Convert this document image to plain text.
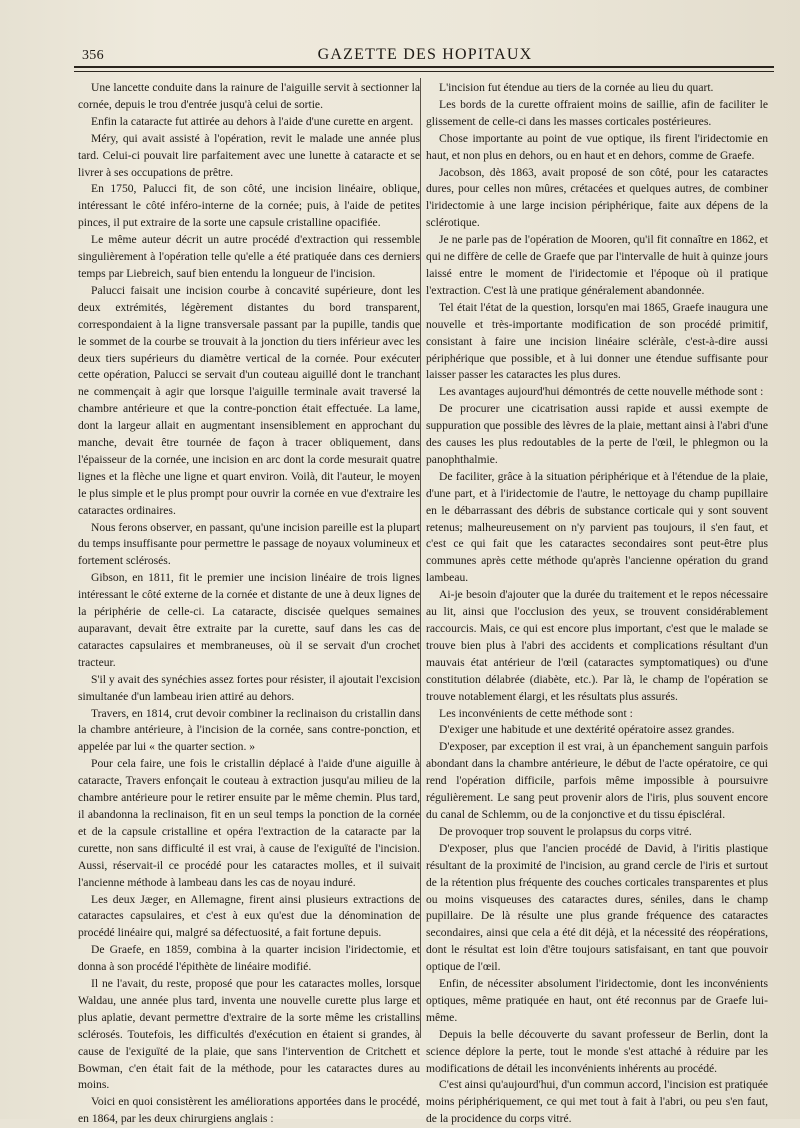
356	GAZETTE DES HOPITAUX

Une lancette conduite dans la rainure de l'aiguille servit à sectionner la cornée, depuis le trou d'entrée jusqu'à celui de sortie.

Enfin la cataracte fut attirée au dehors à l'aide d'une curette en argent.

Méry, qui avait assisté à l'opération, revit le malade une année plus tard. Celui-ci pouvait lire parfaitement avec une lunette à cataracte et se livrer à ses occupations de prêtre.

En 1750, Palucci fit, de son côté, une incision linéaire, oblique, intéressant le côté inféro-interne de la cornée; puis, à l'aide de petites pinces, il put extraire de la sorte une capsule cristalline opacifiée.

Le même auteur décrit un autre procédé d'extraction qui ressemble singulièrement à l'opération telle qu'elle a été pratiquée dans ces derniers temps par Liebreich, sauf bien entendu la longueur de l'incision.

Palucci faisait une incision courbe à concavité supérieure, dont les deux extrémités, légèrement distantes du bord transparent, correspondaient à la ligne transversale passant par la pupille, tandis que le sommet de la courbe se trouvait à la jonction du tiers inférieur avec les deux tiers supérieurs du diamètre vertical de la cornée. Pour exécuter cette opération, Palucci se servait d'un couteau aiguillé dont le tranchant ne commençait à agir que lorsque l'aiguille terminale avait traversé la chambre antérieure et que la contre-ponction était effectuée. La lame, dont la largeur allait en augmentant insensiblement en approchant du manche, devait être tournée de façon à tracer obliquement, dans l'épaisseur de la cornée, une incision en arc dont la corde mesurait quatre lignes et la flèche une ligne et quart environ. Voilà, dit l'auteur, le moyen le plus simple et le plus prompt pour ouvrir la cornée en vue d'extraire les cataractes ordinaires.

Nous ferons observer, en passant, qu'une incision pareille est la plupart du temps insuffisante pour permettre le passage de noyaux volumineux et fortement sclérosés.

Gibson, en 1811, fit le premier une incision linéaire de trois lignes intéressant le côté externe de la cornée et distante de une à deux lignes de la périphérie de celle-ci. La cataracte, disciséе quelques semaines auparavant, devait être extraite par la curette, sauf dans les cas de cataractes capsulaires et membraneuses, où il se servait d'un crochet tracteur.

S'il y avait des synéchies assez fortes pour résister, il ajoutait l'excision simultanée d'un lambeau irien attiré au dehors.

Travers, en 1814, crut devoir combiner la reclinaison du cristallin dans la chambre antérieure, à l'incision de la cornée, sans contre-ponction, et appelée par lui « the quarter section. »

Pour cela faire, une fois le cristallin déplacé à l'aide d'une aiguille à cataracte, Travers enfonçait le couteau à extraction jusqu'au milieu de la chambre antérieure pour le retirer ensuite par le même chemin. Plus tard, il abandonna la reclinaison, fit en un seul temps la ponction de la cornée et de la capsule cristalline et opéra l'extraction de la cataracte par la curette, non sans difficulté il est vrai, à cause de l'exiguïté de l'incision. Aussi, réservait-il ce procédé pour les cataractes molles, et il suivait l'ancienne méthode à lambeau dans les cas de noyau induré.

Les deux Jæger, en Allemagne, firent ainsi plusieurs extractions de cataractes capsulaires, et c'est à eux qu'est due la dénomination de procédé linéaire qui, malgré sa défectuosité, a fait fortune depuis.

De Graefe, en 1859, combina à la quarter incision l'iridectomie, et donna à son procédé l'épithète de linéaire modifié.

Il ne l'avait, du reste, proposé que pour les cataractes molles, lorsque Waldau, une année plus tard, inventa une nouvelle curette plus large et plus aplatie, devant permettre d'extraire de la sorte même les cristallins sclérosés. Toutefois, les difficultés d'exécution en étaient si grandes, à cause de l'exiguïté de la plaie, que sans l'intervention de Critchett et Bowman, c'en était fait de la méthode, pour les cataractes dures au moins.

Voici en quoi consistèrent les améliorations apportées dans le procédé, en 1864, par les deux chirurgiens anglais :

L'incision fut étendue au tiers de la cornée au lieu du quart.

Les bords de la curette offraient moins de saillie, afin de faciliter le glissement de celle-ci dans les masses corticales postérieures.

Chose importante au point de vue optique, ils firent l'iridectomie en haut, et non plus en dehors, ou en haut et en dehors, comme de Graefe.

Jacobson, dès 1863, avait proposé de son côté, pour les cataractes dures, pour celles non mûres, crétacées et quelques autres, de combiner l'iridectomie à une large incision périphérique, faite aux dépens de la sclérotique.

Je ne parle pas de l'opération de Mooren, qu'il fit connaître en 1862, et qui ne diffère de celle de Graefe que par l'intervalle de huit à quinze jours laissé entre le moment de l'iridectomie et l'époque où il pratique l'extraction. C'est là une pratique généralement abandonnée.

Tel était l'état de la question, lorsqu'en mai 1865, Graefe inaugura une nouvelle et très-importante modification de son procédé primitif, consistant à faire une incision linéaire scléràle, c'est-à-dire aussi périphérique que possible, et à lui donner une étendue suffisante pour laisser passer les cataractes les plus dures.

Les avantages aujourd'hui démontrés de cette nouvelle méthode sont :

De procurer une cicatrisation aussi rapide et aussi exempte de suppuration que possible des lèvres de la plaie, mettant ainsi à l'abri d'une des causes les plus redoutables de la perte de l'œil, le phlegmon ou la panophthalmie.

De faciliter, grâce à la situation périphérique et à l'étendue de la plaie, d'une part, et à l'iridectomie de l'autre, le nettoyage du champ pupillaire en le débarrassant des débris de substance corticale qui y sont souvent retenus; malheureusement on n'y parvient pas toujours, il s'en faut, et c'est ce qui fait que les cataractes secondaires sont peut-être plus communes après cette méthode qu'après l'ancienne opération du grand lambeau.

Ai-je besoin d'ajouter que la durée du traitement et le repos nécessaire au lit, ainsi que l'occlusion des yeux, se trouvent considérablement raccourcis. Mais, ce qui est encore plus important, c'est que le malade se trouve bien plus à l'abri des accidents et complications résultant d'un mauvais état antérieur de l'œil (cataractes symptomatiques) ou d'une constitution délabrée (diabète, etc.). Par là, le champ de l'opération se trouve notablement élargi, et les résultats plus assurés.

Les inconvénients de cette méthode sont :

D'exiger une habitude et une dextérité opératoire assez grandes.

D'exposer, par exception il est vrai, à un épanchement sanguin parfois abondant dans la chambre antérieure, le début de l'acte opératoire, ce qui rend l'opération difficile, parfois même impossible à poursuivre régulièrement. Le sang peut provenir alors de l'iris, plus souvent encore du canal de Schlemm, ou de la conjonctive et du tissu épiscléral.

De provoquer trop souvent le prolapsus du corps vitré.

D'exposer, plus que l'ancien procédé de David, à l'iritis plastique résultant de la proximité de l'incision, au grand cercle de l'iris et surtout de la rétention plus fréquente des couches corticales transparentes et plus ou moins visqueuses des cataractes dures, séniles, dans le champ pupillaire. De là résulte une plus grande fréquence des cataractes secondaires, ainsi que cela a été dit déjà, et la nécessité des réopérations, dont le résultat est loin d'être toujours satisfaisant, en tant que pouvoir optique de l'œil.

Enfin, de nécessiter absolument l'iridectomie, dont les inconvénients optiques, même pratiquée en haut, ont été reconnus par de Graefe lui-même.

Depuis la belle découverte du savant professeur de Berlin, dont la science déplore la perte, tout le monde s'est attaché à réduire par les modifications de détail les inconvénients inhérents au procédé.

C'est ainsi qu'aujourd'hui, d'un commun accord, l'incision est pratiquée moins périphériquement, ce qui met tout à fait à l'abri, ou peu s'en faut, de la procidence du corps vitré.
